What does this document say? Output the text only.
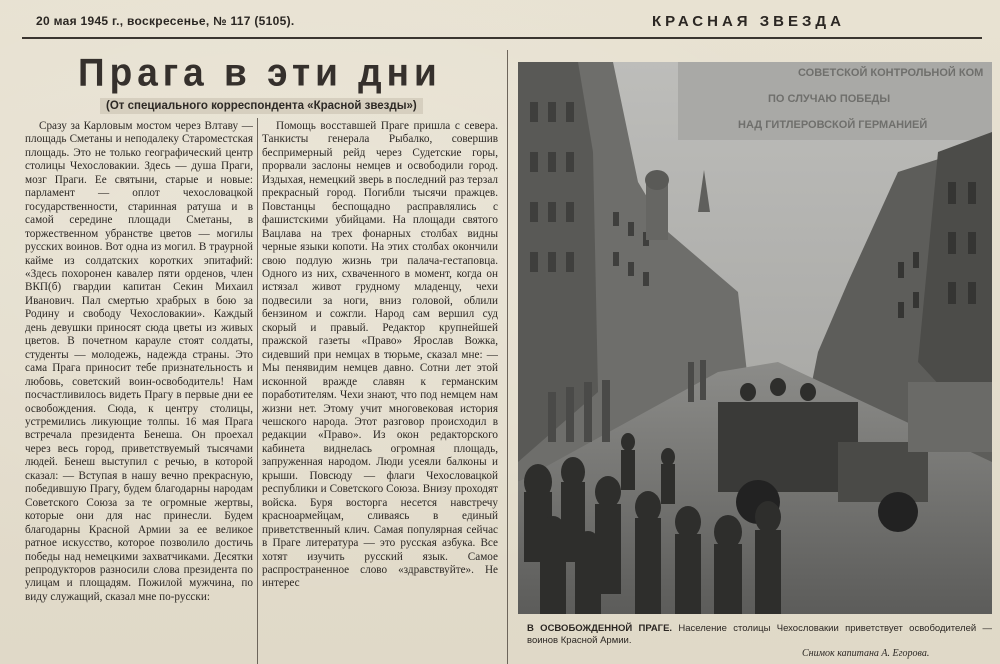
20 мая 1945 г., воскресенье, № 117 (5105).	КРАСНАЯ ЗВЕЗДА
Прага в эти дни
(От специального корреспондента «Красной звезды»)
Сразу за Карловым мостом через Влтаву — площадь Сметаны и неподалеку Староместская площадь. Это не только географический центр столицы Чехословакии. Здесь — душа Праги, мозг Праги. Ее святыни, старые и новые: парламент — оплот чехословацкой государственности, старинная ратуша и в самой середине площади Сметаны, в торжественном убранстве цветов — могилы русских воинов. Вот одна из могил. В траурной кайме из солдатских коротких эпитафий: «Здесь похоронен кавалер пяти орденов, член ВКП(б) гвардии капитан Секин Михаил Иванович. Пал смертью храбрых в бою за Родину и свободу Чехословакии». Каждый день девушки приносят сюда цветы из живых цветов. В почетном карауле стоят солдаты, студенты — молодежь, надежда страны. Это сама Прага приносит тебе признательность и любовь, советский воин-освободитель! Нам посчастливилось видеть Прагу в первые дни ее освобождения. Сюда, к центру столицы, устремились ликующие толпы. 16 мая Прага встречала президента Бенеша. Он проехал через весь город, приветствуемый тысячами людей. Бенеш выступил с речью, в которой сказал: — Вступая в нашу вечно прекрасную, победившую Прагу, будем благодарны народам Советского Союза за те огромные жертвы, которые они для нас принесли. Будем благодарны Красной Армии за ее великое ратное искусство, которое позволило достичь победы над немецкими захватчиками. Десятки репродукторов разносили слова президента по улицам и площадям. Пожилой мужчина, по виду служащий, сказал мне по-русски:
Помощь восставшей Праге пришла с севера. Танкисты генерала Рыбалко, совершив беспримерный рейд через Судетские горы, прорвали заслоны немцев и освободили город. Издыхая, немецкий зверь в последний раз терзал прекрасный город. Погибли тысячи пражцев. Повстанцы беспощадно расправлялись с фашистскими убийцами. На площади святого Вацлава на трех фонарных столбах видны черные языки копоти. На этих столбах окончили свою подлую жизнь три палача-гестаповца. Одного из них, схваченного в момент, когда он истязал живот грудному младенцу, чехи подвесили за ноги, вниз головой, облили бензином и сожгли. Народ сам вершил суд скорый и правый. Редактор крупнейшей пражской газеты «Право» Ярослав Вожка, сидевший при немцах в тюрьме, сказал мне: — Мы пенявидим немцев давно. Сотни лет этой исконной вражде славян к германским поработителям. Чехи знают, что под немцем нам жизни нет. Этому учит многовековая история чешского народа. Этот разговор происходил в редакции «Право». Из окон редакторского кабинета виднелась огромная площадь, запруженная народом. Люди усеяли балконы и крыши. Повсюду — флаги Чехословацкой республики и Советского Союза. Внизу проходят войска. Буря восторга несется навстречу красноармейцам, сливаясь в единый приветственный клич. Самая популярная сейчас в Праге литература — это русская азбука. Все хотят изучить русский язык. Самое распространенное слово «здравствуйте». Не интерес
СОВЕТСКОЙ КОНТРОЛЬНОЙ КОМ
ПО СЛУЧАЮ ПОБЕДЫ
НАД ГИТЛЕРОВСКОЙ ГЕРМАНИЕЙ
В ОСВОБОЖДЕННОЙ ПРАГЕ. Население столицы Чехословакии приветствует освободителей — воинов Красной Армии.
Снимок капитана А. Егорова.
